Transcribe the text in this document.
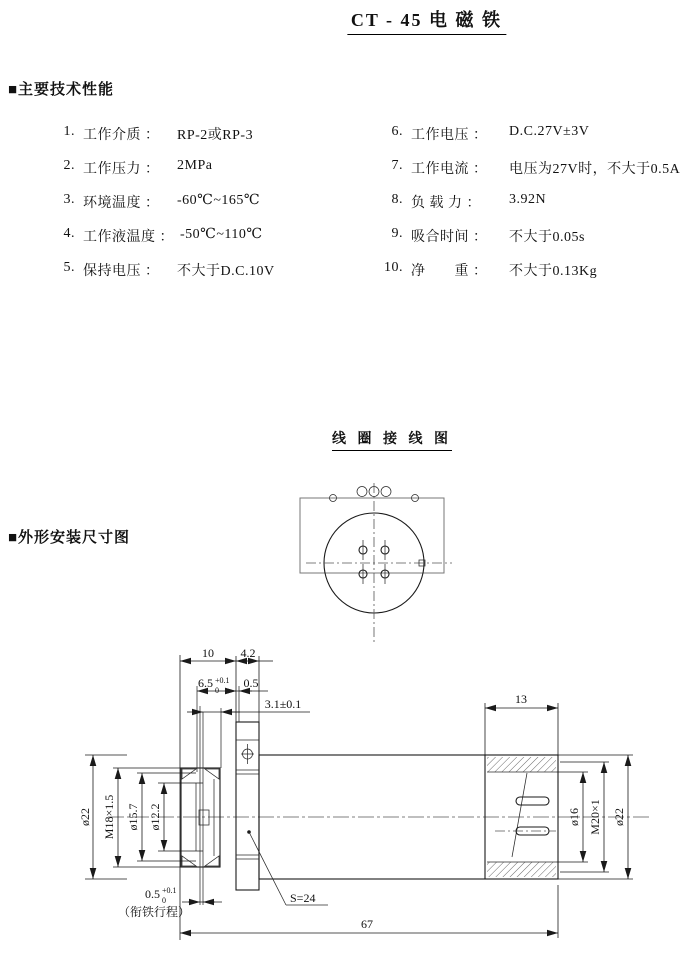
CT - 45 电 磁 铁
■主要技术性能
1. 工作介质 ：	RP-2或RP-3
2. 工作压力 ：	2MPa
3. 环境温度 ：	-60℃~165℃
4. 工作液温度 ： -50℃~110℃
5. 保持电压 ：	不大于D.C.10V
6. 工作电压 ：	D.C.27V±3V
7. 工作电流 ：	电压为27V时，不大于0.5A
8. 负 载 力 ：	3.92N
9. 吸合时间 ：	不大于0.05s
10. 净　　重 ：	不大于0.13Kg
线 圈 接 线 图
■外形安装尺寸图
10 4.2
6.5 +0.1
0
0.5
3.1±0.1	13
ø22 M18×1.5 ø15.7 ø12.2	ø16 M20×1 ø22
0.5 +0.1
0
（衔铁行程）
S=24
67
